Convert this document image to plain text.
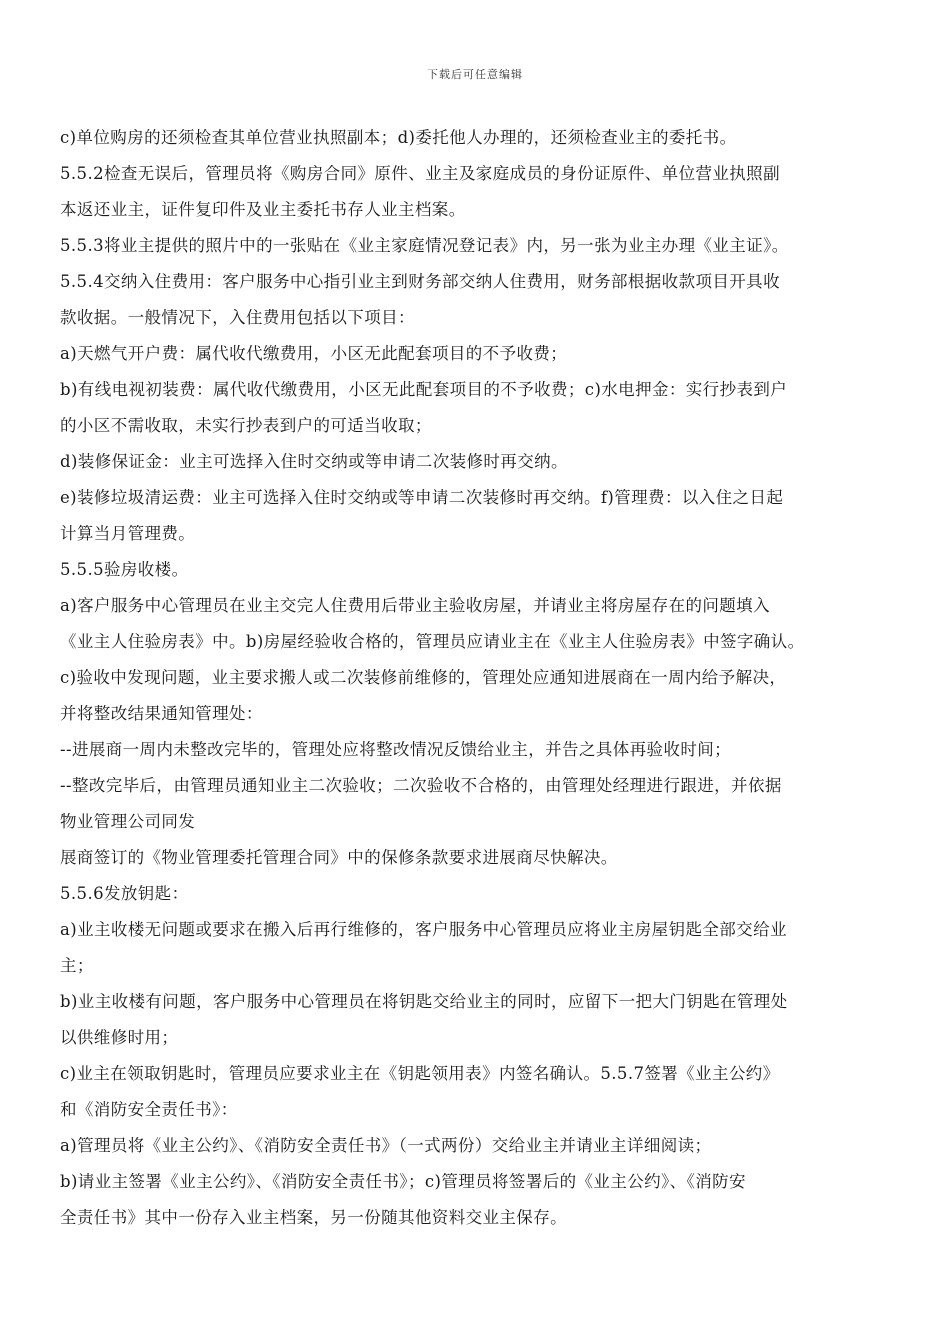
下载后可任意编辑
c)单位购房的还须检查其单位营业执照副本；d)委托他人办理的，还须检查业主的委托书。
5.5.2检查无误后，管理员将《购房合同》原件、业主及家庭成员的身份证原件、单位营业执照副
本返还业主，证件复印件及业主委托书存人业主档案。
5.5.3将业主提供的照片中的一张贴在《业主家庭情况登记表》内，另一张为业主办理《业主证》。
5.5.4交纳入住费用：客户服务中心指引业主到财务部交纳人住费用，财务部根据收款项目开具收
款收据。一般情况下，入住费用包括以下项目：
a)天燃气开户费：属代收代缴费用，小区无此配套项目的不予收费；
b)有线电视初装费：属代收代缴费用，小区无此配套项目的不予收费；c)水电押金：实行抄表到户
的小区不需收取，未实行抄表到户的可适当收取；
d)装修保证金：业主可选择入住时交纳或等申请二次装修时再交纳。
e)装修垃圾清运费：业主可选择入住时交纳或等申请二次装修时再交纳。f)管理费：以入住之日起
计算当月管理费。
5.5.5验房收楼。
a)客户服务中心管理员在业主交完人住费用后带业主验收房屋，并请业主将房屋存在的问题填入
《业主人住验房表》中。b)房屋经验收合格的，管理员应请业主在《业主人住验房表》中签字确认。
c)验收中发现问题，业主要求搬人或二次装修前维修的，管理处应通知进展商在一周内给予解决，
并将整改结果通知管理处：
--进展商一周内未整改完毕的，管理处应将整改情况反馈给业主，并告之具体再验收时间；
--整改完毕后，由管理员通知业主二次验收；二次验收不合格的，由管理处经理进行跟进，并依据
物业管理公司同发
展商签订的《物业管理委托管理合同》中的保修条款要求进展商尽快解决。
5.5.6发放钥匙：
a)业主收楼无问题或要求在搬入后再行维修的，客户服务中心管理员应将业主房屋钥匙全部交给业
主；
b)业主收楼有问题，客户服务中心管理员在将钥匙交给业主的同时，应留下一把大门钥匙在管理处
以供维修时用；
c)业主在领取钥匙时，管理员应要求业主在《钥匙领用表》内签名确认。5.5.7签署《业主公约》
和《消防安全责任书》：
a)管理员将《业主公约》、《消防安全责任书》（一式两份）交给业主并请业主详细阅读；
b)请业主签署《业主公约》、《消防安全责任书》；c)管理员将签署后的《业主公约》、《消防安
全责任书》其中一份存入业主档案，另一份随其他资料交业主保存。
